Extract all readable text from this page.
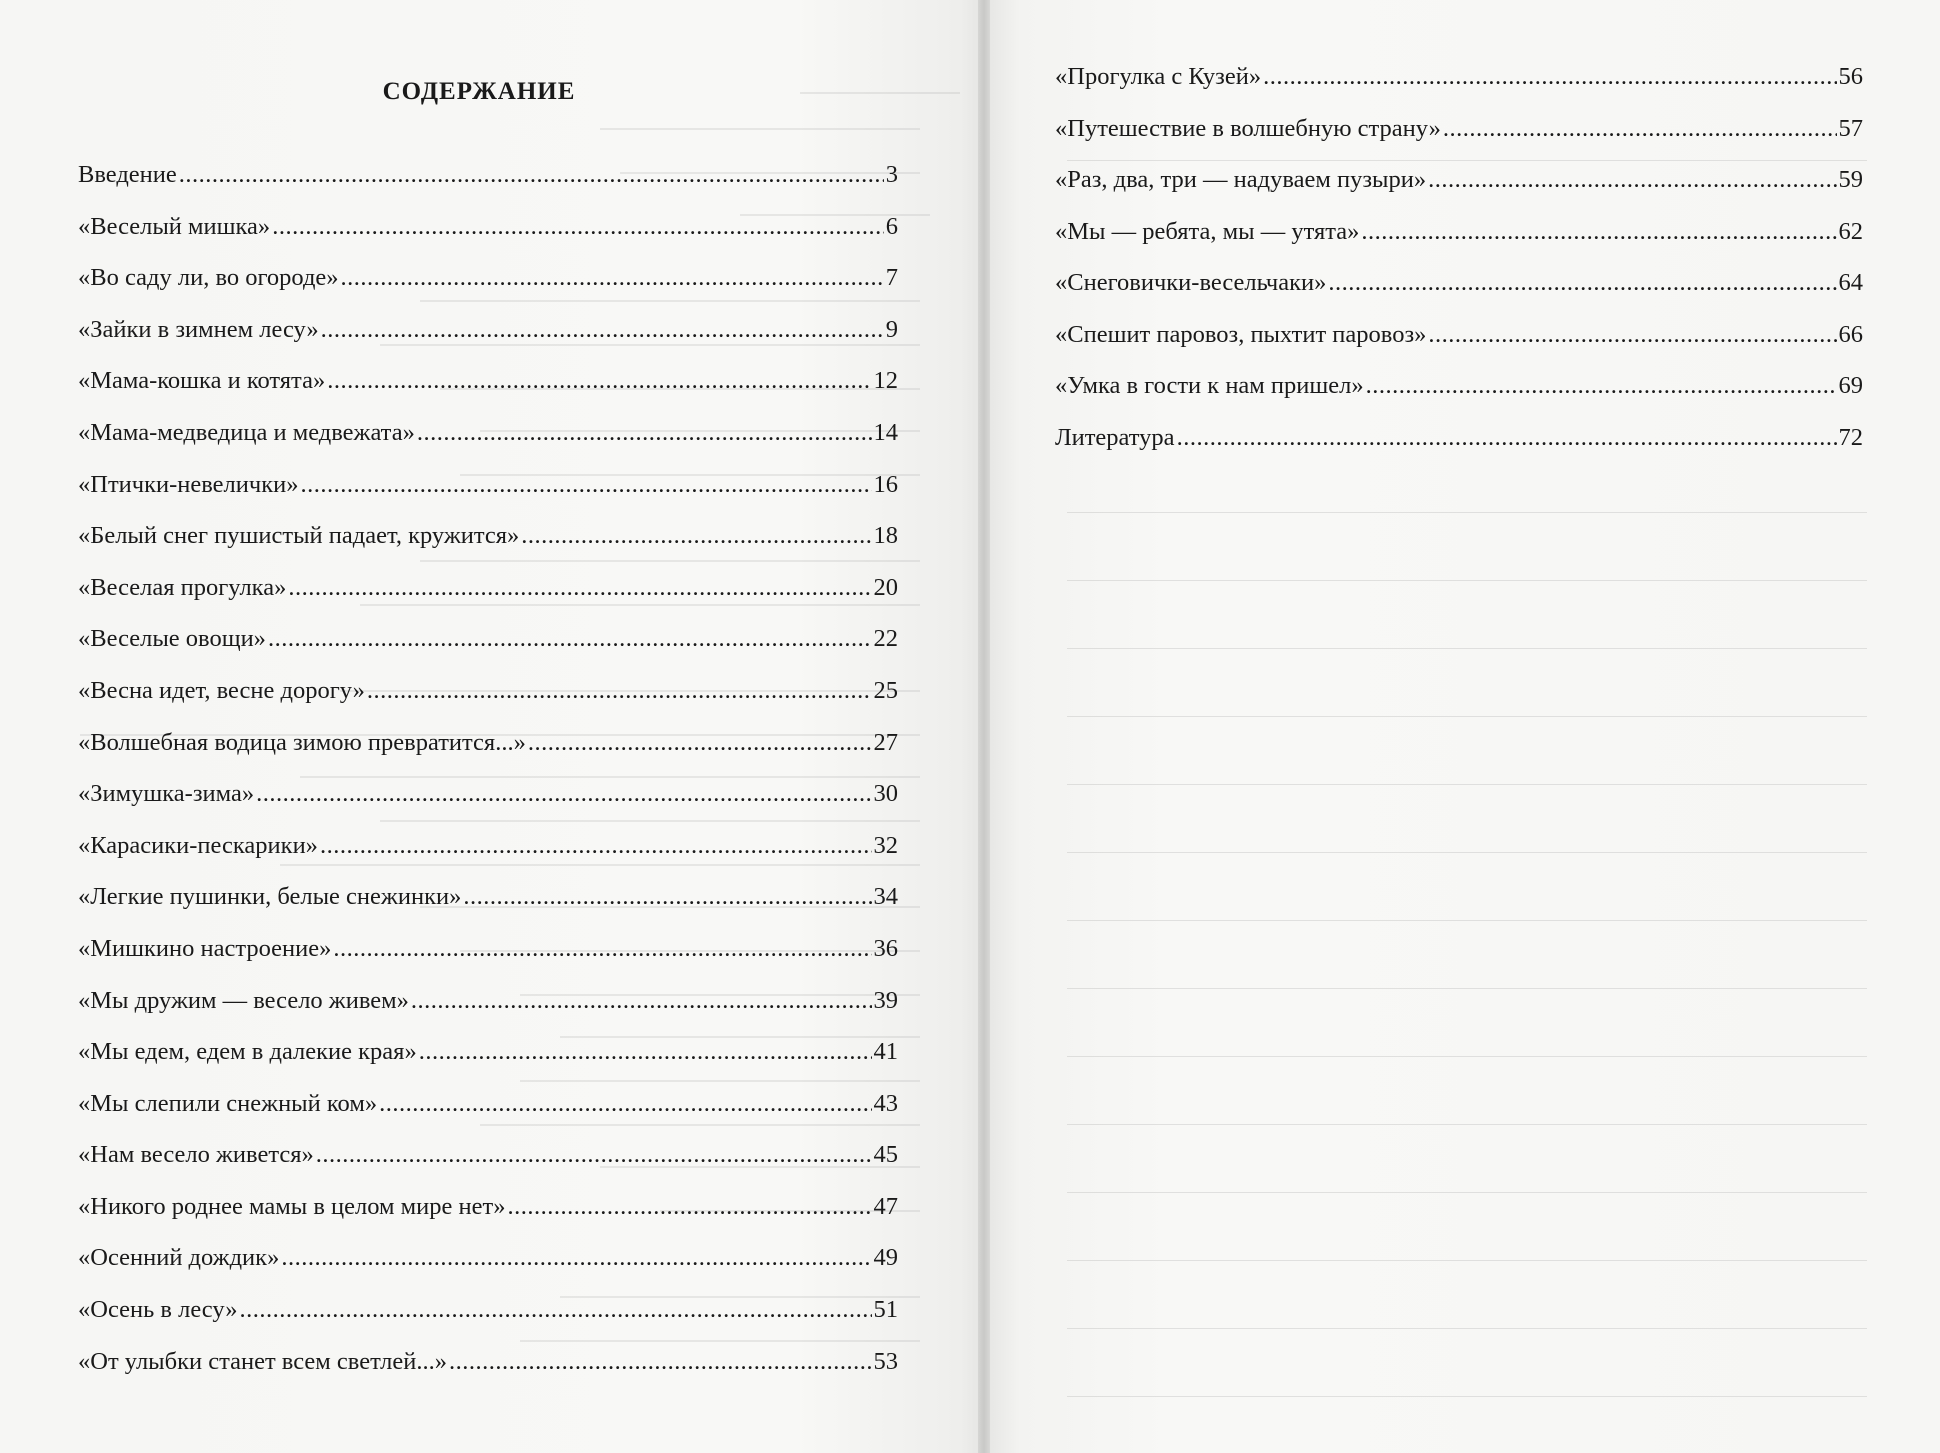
СОДЕРЖАНИЕ
Введение .....	3
«Веселый мишка» .....	6
«Во саду ли, во огороде» .....	7
«Зайки в зимнем лесу» .....	9
«Мама-кошка и котята» .....	12
«Мама-медведица и медвежата» .....	14
«Птички-невелички» .....	16
«Белый снег пушистый падает, кружится» .....	18
«Веселая прогулка» .....	20
«Веселые овощи» .....	22
«Весна идет, весне дорогу» .....	25
«Волшебная водица зимою превратится...» .....	27
«Зимушка-зима» .....	30
«Карасики-пескарики» .....	32
«Легкие пушинки, белые снежинки» .....	34
«Мишкино настроение» .....	36
«Мы дружим — весело живем» .....	39
«Мы едем, едем в далекие края» .....	41
«Мы слепили снежный ком» .....	43
«Нам весело живется» .....	45
«Никого роднее мамы в целом мире нет» .....	47
«Осенний дождик» .....	49
«Осень в лесу» .....	51
«От улыбки станет всем светлей...» .....	53
«Прогулка с Кузей» .....	56
«Путешествие в волшебную страну» .....	57
«Раз, два, три — надуваем пузыри» .....	59
«Мы — ребята, мы — утята» .....	62
«Снеговички-весельчаки» .....	64
«Спешит паровоз, пыхтит паровоз» .....	66
«Умка в гости к нам пришел» .....	69
Литература .....	72
